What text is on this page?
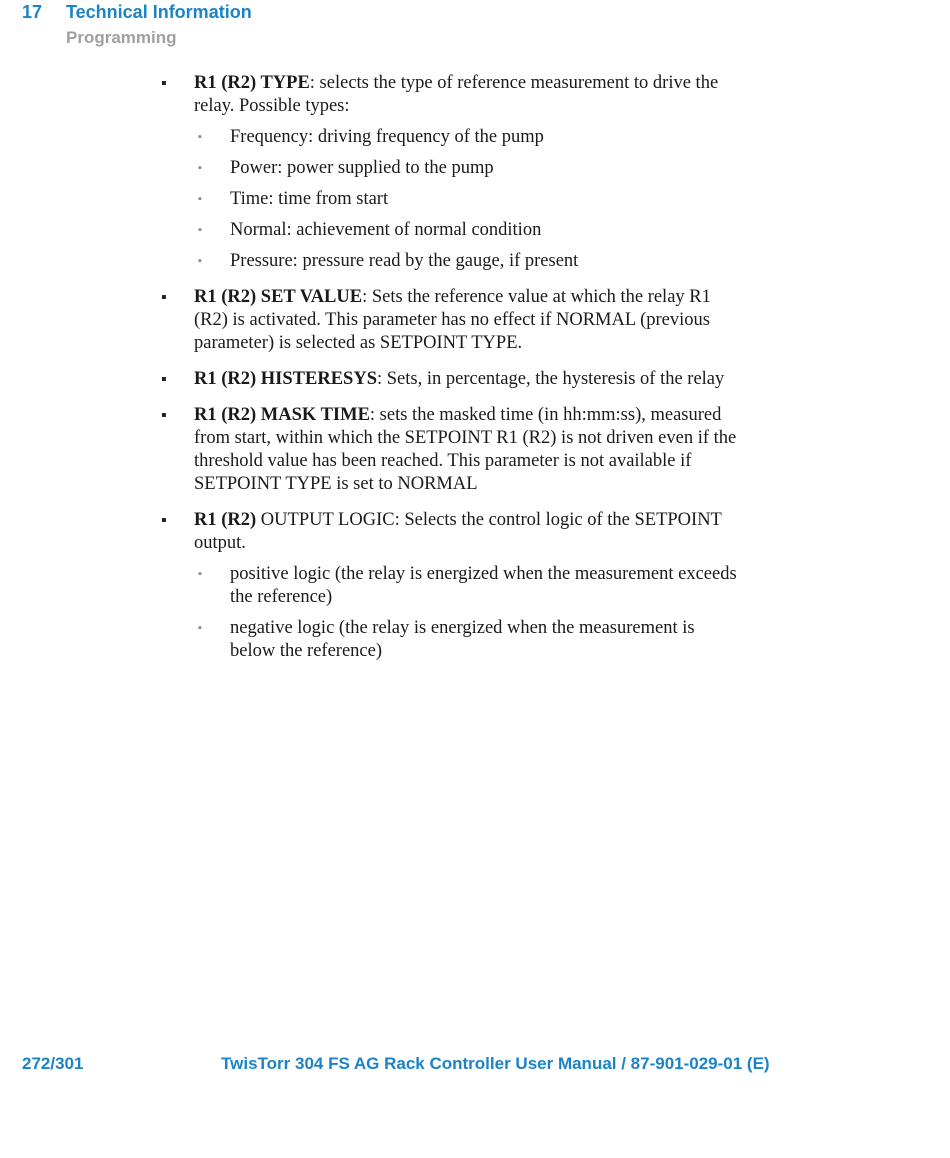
17 Technical Information
Programming
▪ R1 (R2) TYPE: selects the type of reference measurement to drive the relay. Possible types:
▪ Frequency: driving frequency of the pump
▪ Power: power supplied to the pump
▪ Time: time from start
▪ Normal: achievement of normal condition
▪ Pressure: pressure read by the gauge, if present
▪ R1 (R2) SET VALUE: Sets the reference value at which the relay R1 (R2) is activated. This parameter has no effect if NORMAL (previous parameter) is selected as SETPOINT TYPE.
▪ R1 (R2) HISTERESYS: Sets, in percentage, the hysteresis of the relay
▪ R1 (R2) MASK TIME: sets the masked time (in hh:mm:ss), measured from start, within which the SETPOINT R1 (R2) is not driven even if the threshold value has been reached. This parameter is not available if SETPOINT TYPE is set to NORMAL
▪ R1 (R2) OUTPUT LOGIC: Selects the control logic of the SETPOINT output.
▪ positive logic (the relay is energized when the measurement exceeds the reference)
▪ negative logic (the relay is energized when the measurement is below the reference)
272/301	TwisTorr 304 FS AG Rack Controller User Manual / 87-901-029-01 (E)
